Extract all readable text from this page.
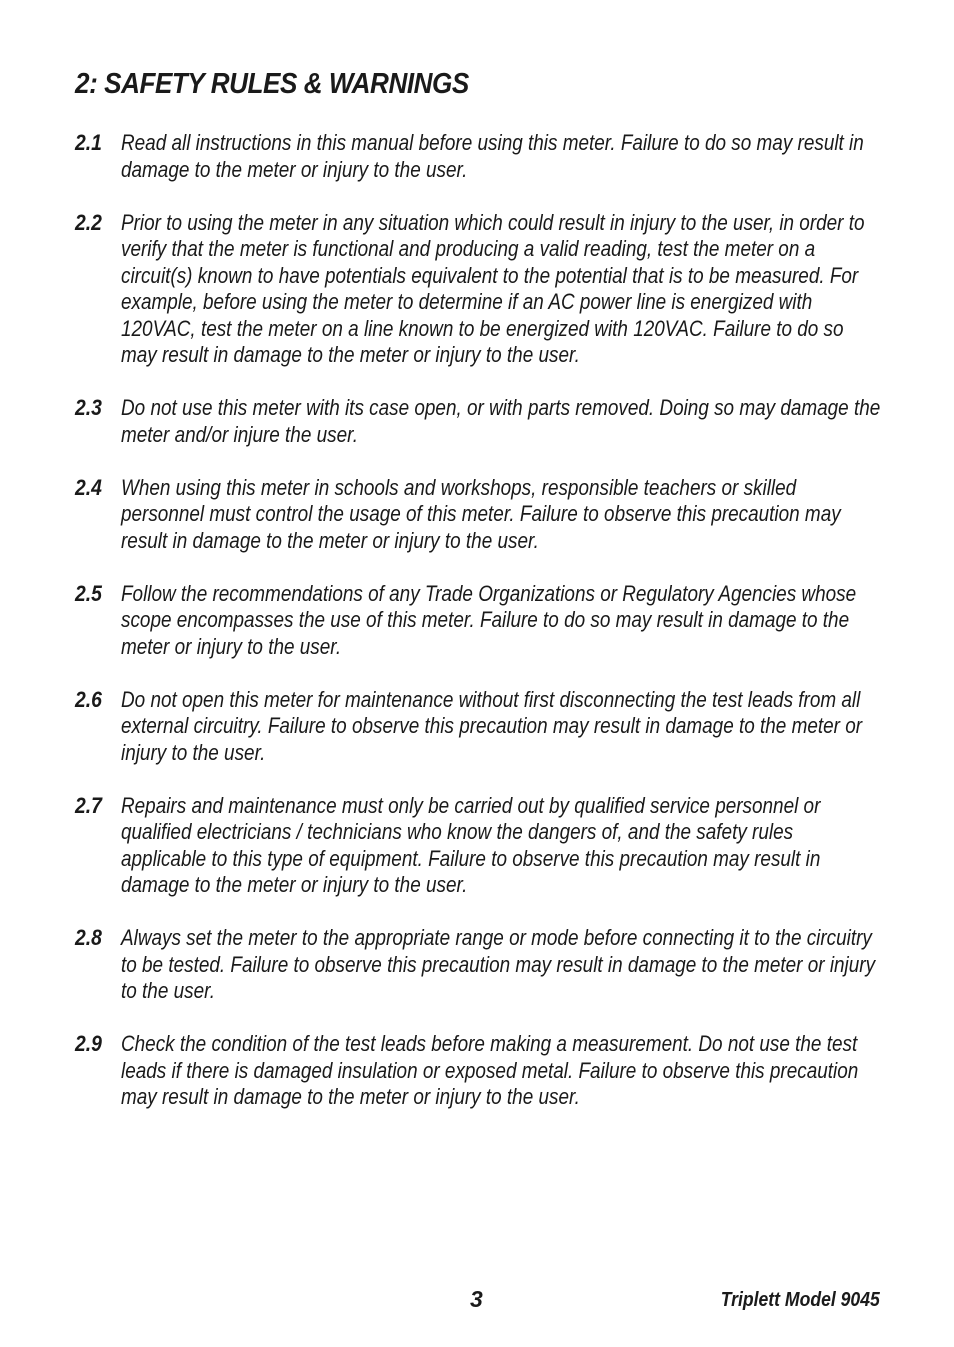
2: SAFETY RULES & WARNINGS
2.1 Read all instructions in this manual before using this meter. Failure to do so may result in damage to the meter or injury to the user.
2.2 Prior to using the meter in any situation which could result in injury to the user, in order to verify that the meter is functional and producing a valid reading, test the meter on a circuit(s) known to have potentials equivalent to the potential that is to be measured. For example, before using the meter to determine if an AC power line is energized with 120VAC, test the meter on a line known to be energized with 120VAC. Failure to do so may result in damage to the meter or injury to the user.
2.3 Do not use this meter with its case open, or with parts removed. Doing so may damage the meter and/or injure the user.
2.4 When using this meter in schools and workshops, responsible teachers or skilled personnel must control the usage of this meter. Failure to observe this precaution may result in damage to the meter or injury to the user.
2.5 Follow the recommendations of any Trade Organizations or Regulatory Agencies whose scope encompasses the use of this meter. Failure to do so may result in damage to the meter or injury to the user.
2.6 Do not open this meter for maintenance without first disconnecting the test leads from all external circuitry. Failure to observe this precaution may result in damage to the meter or injury to the user.
2.7 Repairs and maintenance must only be carried out by qualified service personnel or qualified electricians / technicians who know the dangers of, and the safety rules applicable to this type of equipment. Failure to observe this precaution may result in damage to the meter or injury to the user.
2.8 Always set the meter to the appropriate range or mode before connecting it to the circuitry to be tested. Failure to observe this precaution may result in damage to the meter or injury to the user.
2.9 Check the condition of the test leads before making a measurement. Do not use the test leads if there is damaged insulation or exposed metal. Failure to observe this precaution may result in damage to the meter or injury to the user.
3	Triplett Model 9045
